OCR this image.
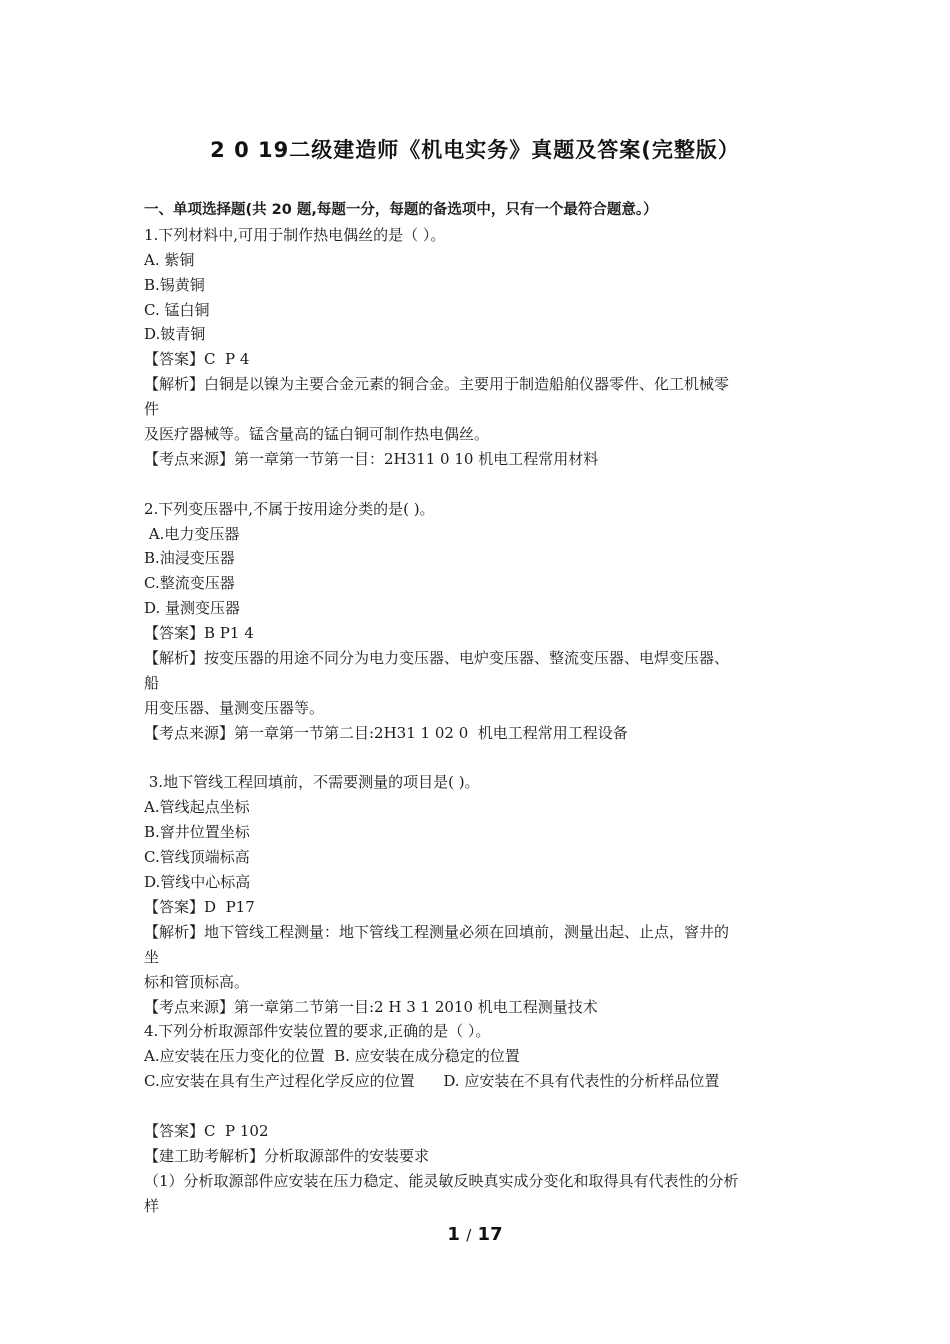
2 0 19二级建造师《机电实务》真题及答案(完整版）
一、单项选择题(共 20 题,每题一分，每题的备选项中，只有一个最符合题意。）
1.下列材料中,可用于制作热电偶丝的是（ ）。
A. 紫铜
B.锡黄铜
C. 锰白铜
D.铍青铜
【答案】C  P 4
【解析】白铜是以镍为主要合金元素的铜合金。主要用于制造船舶仪器零件、化工机械零
件
及医疗器械等。锰含量高的锰白铜可制作热电偶丝。
【考点来源】第一章第一节第一目：2H311 0 10 机电工程常用材料
2.下列变压器中,不属于按用途分类的是( )。
A.电力变压器
B.油浸变压器
C.整流变压器
D. 量测变压器
【答案】B P1 4
【解析】按变压器的用途不同分为电力变压器、电炉变压器、整流变压器、电焊变压器、
船
用变压器、量测变压器等。
【考点来源】第一章第一节第二目:2H31 1 02 0  机电工程常用工程设备
3.地下管线工程回填前，不需要测量的项目是( )。
A.管线起点坐标
B.窨井位置坐标
C.管线顶端标高
D.管线中心标高
【答案】D  P17
【解析】地下管线工程测量：地下管线工程测量必须在回填前，测量出起、止点，窨井的
坐
标和管顶标高。
【考点来源】第一章第二节第一目:2 H 3 1 2010 机电工程测量技术
4.下列分析取源部件安装位置的要求,正确的是（ ）。
A.应安装在压力变化的位置  B. 应安装在成分稳定的位置
C.应安装在具有生产过程化学反应的位置      D. 应安装在不具有代表性的分析样品位置
【答案】C  P 102
【建工助考解析】分析取源部件的安装要求
（1）分析取源部件应安装在压力稳定、能灵敏反映真实成分变化和取得具有代表性的分析
样
1 / 17
